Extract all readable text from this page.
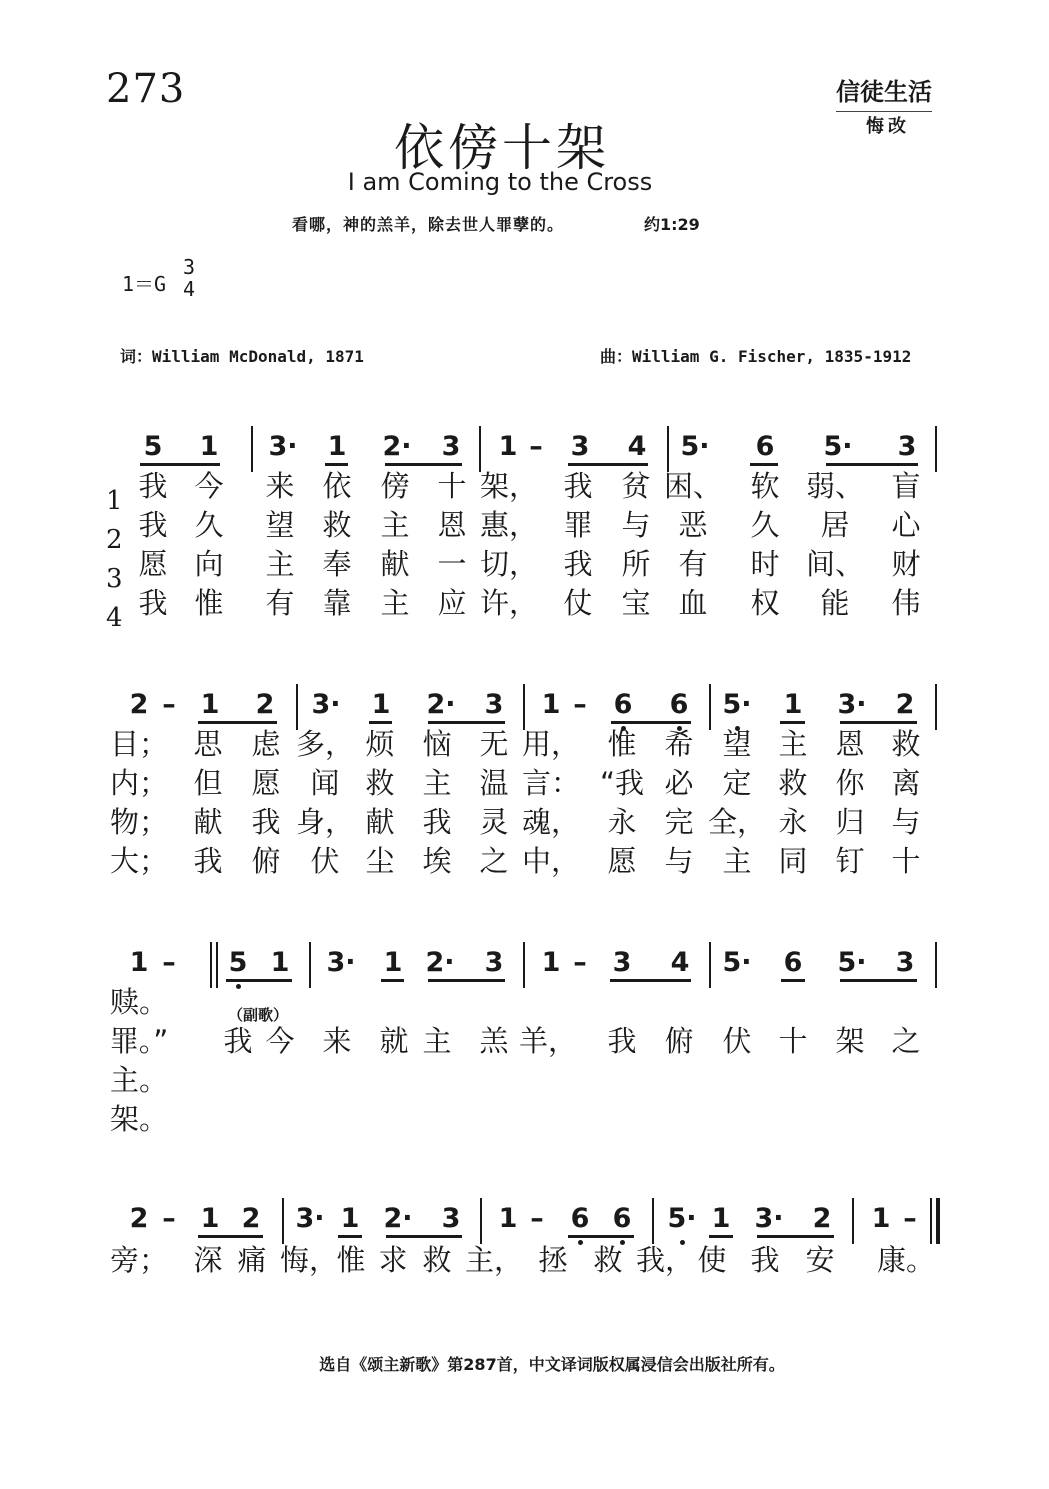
273	信徒生活
悔改
依傍十架
I am Coming to the Cross
看哪，神的羔羊，除去世人罪孽的。	约1:29
1＝G
3
4
词：William McDonald, 1871	曲：William G. Fischer, 1835-1912
1
2
3
4
5 1 3· 1 2· 3 1 – 3 4 5· 6 5· 3
我 今 来 依 傍 十 架， 我 贫 困、 软 弱、 盲
我 久 望 救 主 恩 惠， 罪 与 恶 久 居 心
愿 向 主 奉 献 一 切， 我 所 有 时 间、 财
我 惟 有 靠 主 应 许， 仗 宝 血 权 能 伟
2 – 1 2 3· 1 2· 3 1 – 6 6 5· 1 3· 2
目； 思 虑 多， 烦 恼 无 用， 惟 希 望 主 恩 救
内； 但 愿 闻 救 主 温 言： “我 必 定 救 你 离
物； 献 我 身， 献 我 灵 魂， 永 完 全， 永 归 与
大； 我 俯 伏 尘 埃 之 中， 愿 与 主 同 钉 十
1 – 5 1 3· 1 2· 3 1 – 3 4 5· 6 5· 3
赎。
罪。” 我 今 来 就 主 羔 羊， 我 俯 伏 十 架 之
主。
架。
2 – 1 2 3· 1 2· 3 1 – 6 6 5· 1 3· 2 1 –
旁； 深 痛 悔，
惟 求 救 主， 拯 救 我， 使 我 安 康。
（副歌）
选自《颂主新歌》第287首，中文译词版权属浸信会出版社所有。
